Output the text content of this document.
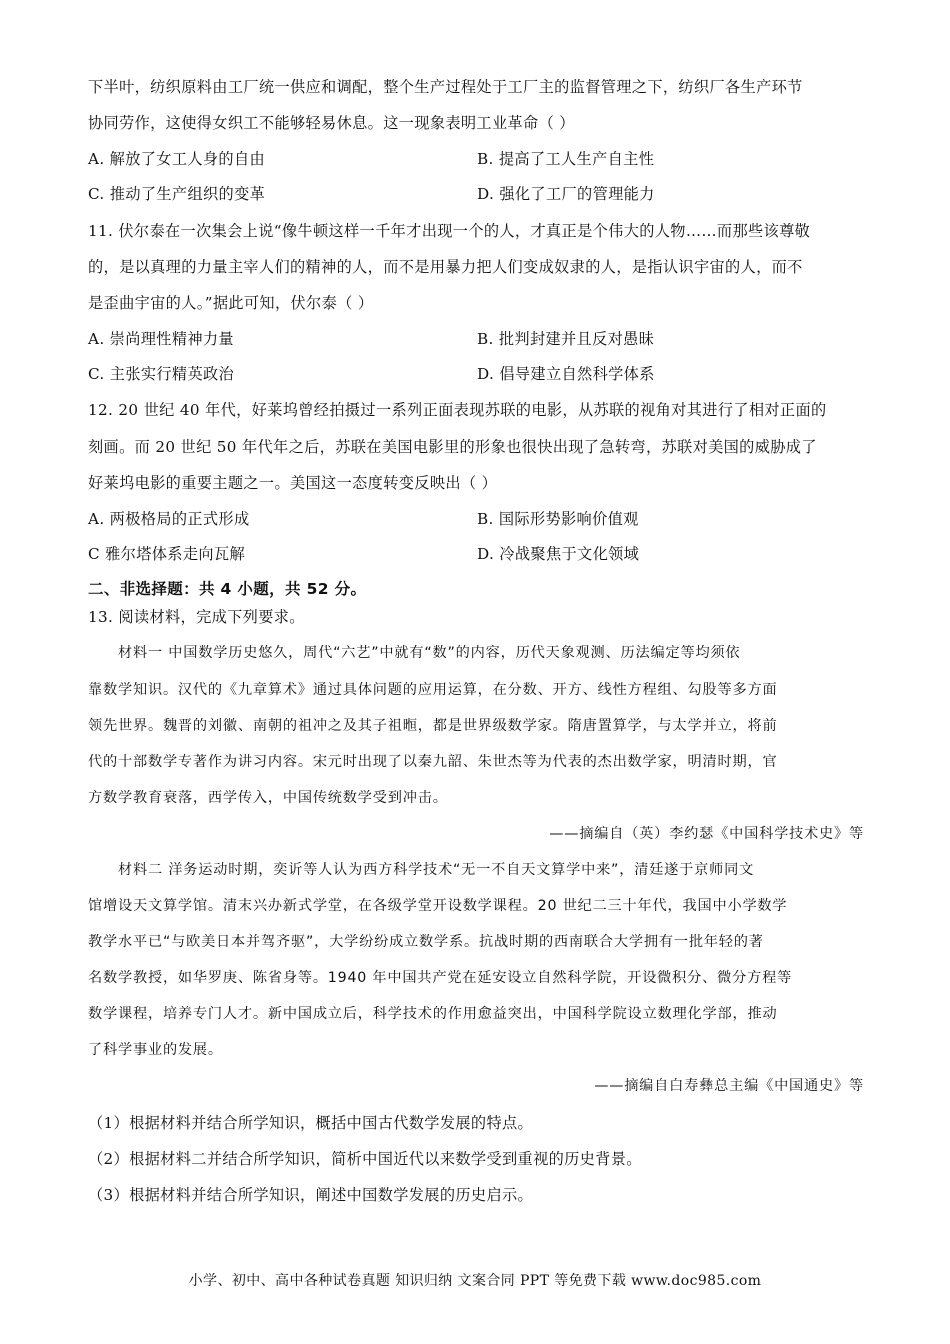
下半叶，纺织原料由工厂统一供应和调配，整个生产过程处于工厂主的监督管理之下，纺织厂各生产环节
协同劳作，这使得女织工不能够轻易休息。这一现象表明工业革命（ ）
A. 解放了女工人身的自由	B. 提高了工人生产自主性
C. 推动了生产组织的变革	D. 强化了工厂的管理能力
11. 伏尔泰在一次集会上说“像牛顿这样一千年才出现一个的人，才真正是个伟大的人物……而那些该尊敬
的，是以真理的力量主宰人们的精神的人，而不是用暴力把人们变成奴隶的人，是指认识宇宙的人，而不
是歪曲宇宙的人。”据此可知，伏尔泰（ ）
A. 崇尚理性精神力量	B. 批判封建并且反对愚昧
C. 主张实行精英政治	D. 倡导建立自然科学体系
12. 20 世纪 40 年代，好莱坞曾经拍摄过一系列正面表现苏联的电影，从苏联的视角对其进行了相对正面的
刻画。而 20 世纪 50 年代年之后，苏联在美国电影里的形象也很快出现了急转弯，苏联对美国的威胁成了
好莱坞电影的重要主题之一。美国这一态度转变反映出（ ）
A. 两极格局的正式形成	B. 国际形势影响价值观
C 雅尔塔体系走向瓦解	D. 冷战聚焦于文化领域
二、非选择题：共 4 小题，共 52 分。
13. 阅读材料，完成下列要求。
材料一 中国数学历史悠久，周代“六艺”中就有“数”的内容，历代天象观测、历法编定等均须依
靠数学知识。汉代的《九章算术》通过具体问题的应用运算，在分数、开方、线性方程组、勾股等多方面
领先世界。魏晋的刘徽、南朝的祖冲之及其子祖暅，都是世界级数学家。隋唐置算学，与太学并立，将前
代的十部数学专著作为讲习内容。宋元时出现了以秦九韶、朱世杰等为代表的杰出数学家，明清时期，官
方数学教育衰落，西学传入，中国传统数学受到冲击。
——摘编自（英）李约瑟《中国科学技术史》等
材料二 洋务运动时期，奕䜣等人认为西方科学技术“无一不自天文算学中来”，清廷遂于京师同文
馆增设天文算学馆。清末兴办新式学堂，在各级学堂开设数学课程。20 世纪二三十年代，我国中小学数学
教学水平已“与欧美日本并驾齐驱”，大学纷纷成立数学系。抗战时期的西南联合大学拥有一批年轻的著
名数学教授，如华罗庚、陈省身等。1940 年中国共产党在延安设立自然科学院，开设微积分、微分方程等
数学课程，培养专门人才。新中国成立后，科学技术的作用愈益突出，中国科学院设立数理化学部，推动
了科学事业的发展。
——摘编自白寿彝总主编《中国通史》等
（1）根据材料并结合所学知识，概括中国古代数学发展的特点。
（2）根据材料二并结合所学知识，简析中国近代以来数学受到重视的历史背景。
（3）根据材料并结合所学知识，阐述中国数学发展的历史启示。
小学、初中、高中各种试卷真题 知识归纳 文案合同 PPT 等免费下载 www.doc985.com
